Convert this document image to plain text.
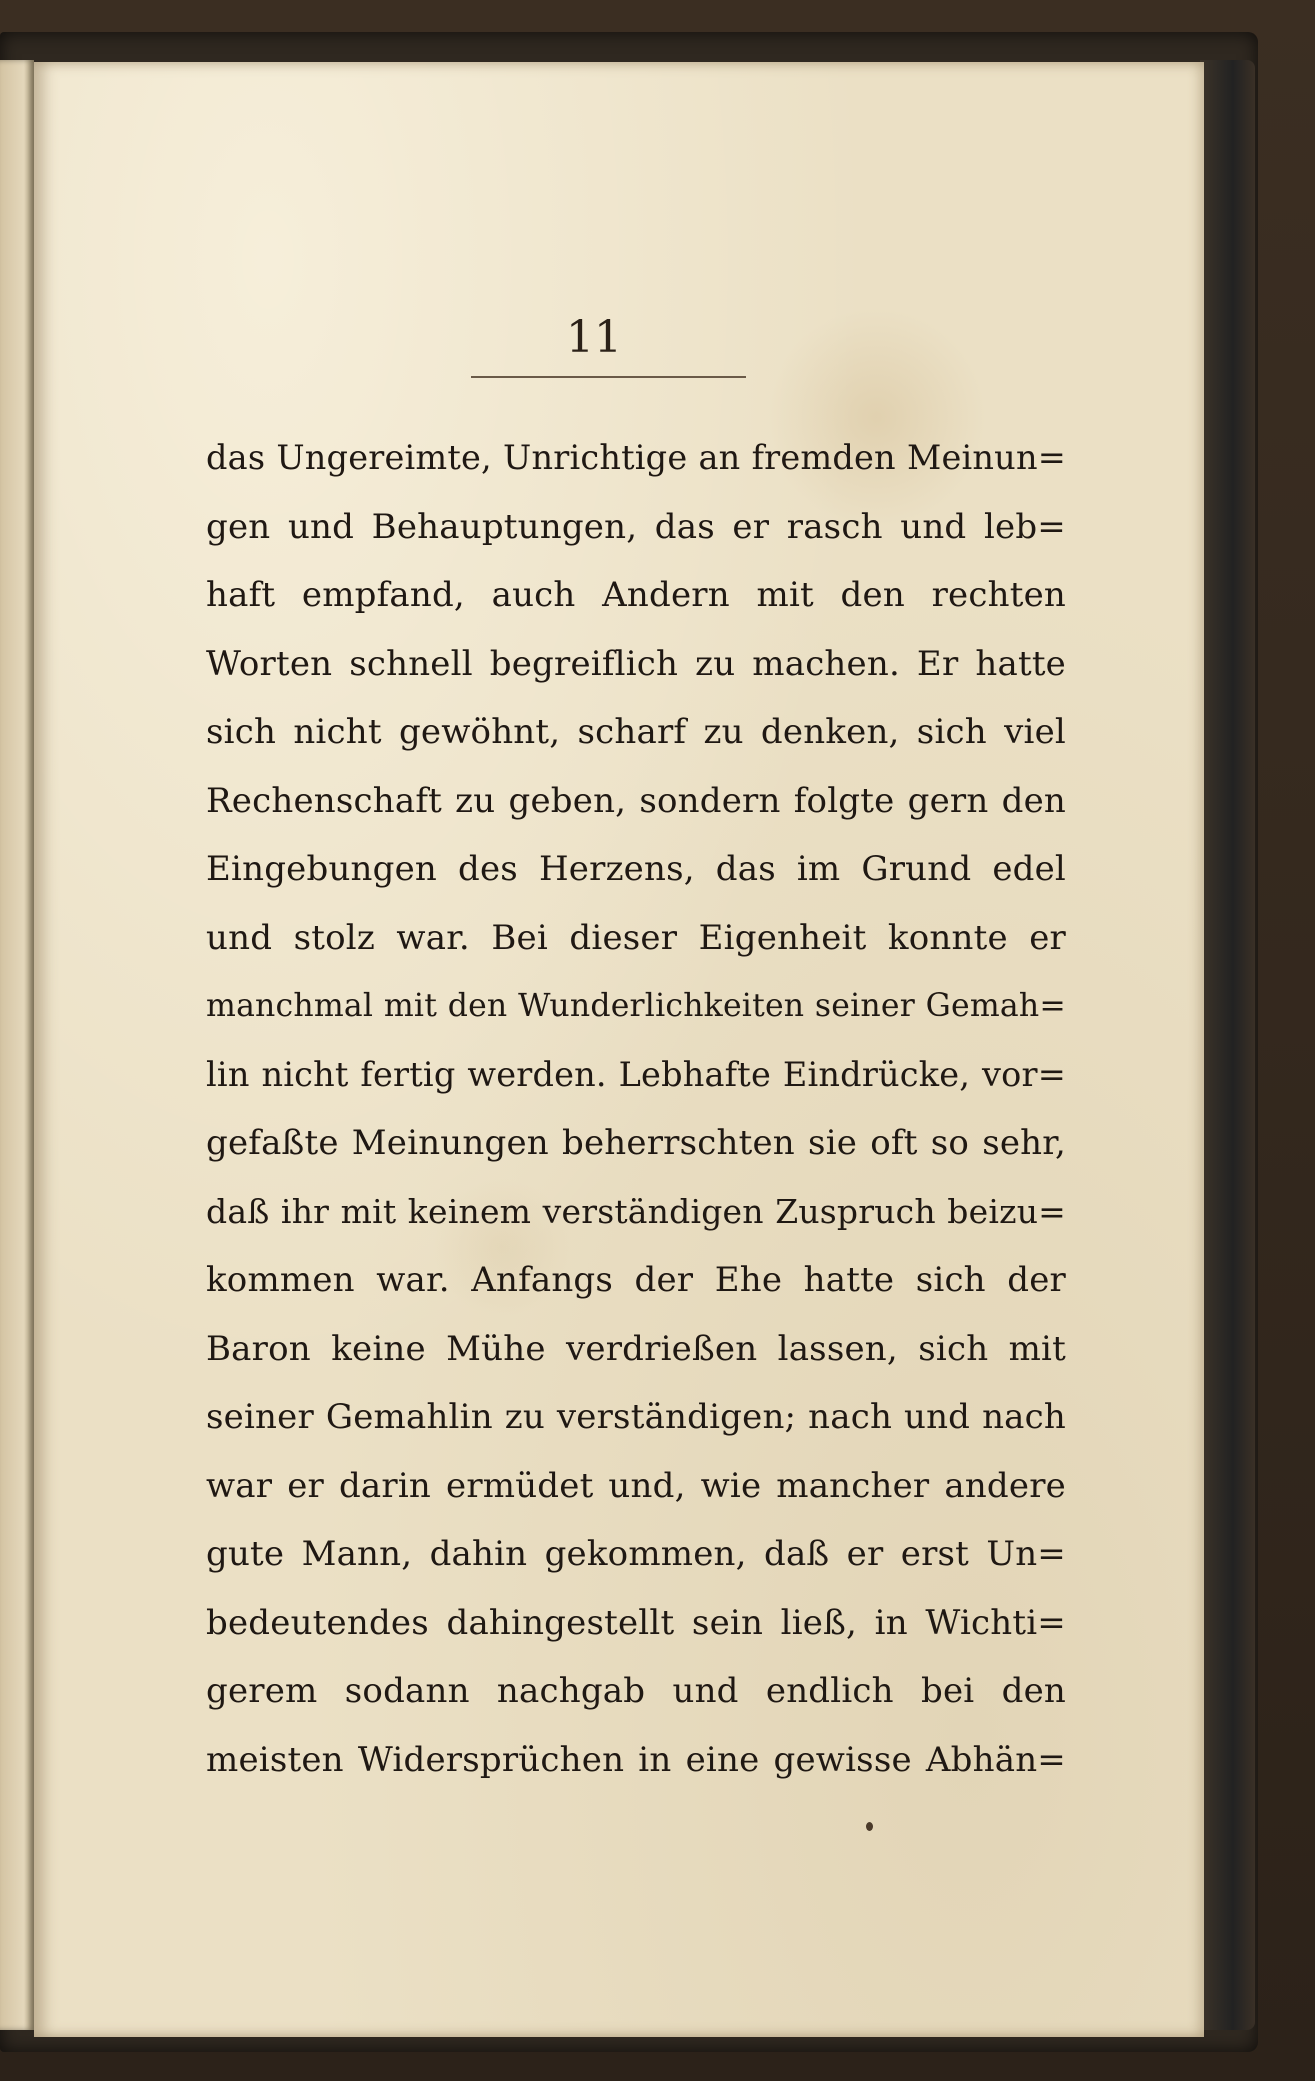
11
das Ungereimte, Unrichtige an fremden Meinun=
gen und Behauptungen, das er rasch und leb=
haft empfand, auch Andern mit den rechten
Worten schnell begreiflich zu machen. Er hatte
sich nicht gewöhnt, scharf zu denken, sich viel
Rechenschaft zu geben, sondern folgte gern den
Eingebungen des Herzens, das im Grund edel
und stolz war. Bei dieser Eigenheit konnte er
manchmal mit den Wunderlichkeiten seiner Gemah=
lin nicht fertig werden. Lebhafte Eindrücke, vor=
gefaßte Meinungen beherrschten sie oft so sehr,
daß ihr mit keinem verständigen Zuspruch beizu=
kommen war. Anfangs der Ehe hatte sich der
Baron keine Mühe verdrießen lassen, sich mit
seiner Gemahlin zu verständigen; nach und nach
war er darin ermüdet und, wie mancher andere
gute Mann, dahin gekommen, daß er erst Un=
bedeutendes dahingestellt sein ließ, in Wichti=
gerem sodann nachgab und endlich bei den
meisten Widersprüchen in eine gewisse Abhän=
